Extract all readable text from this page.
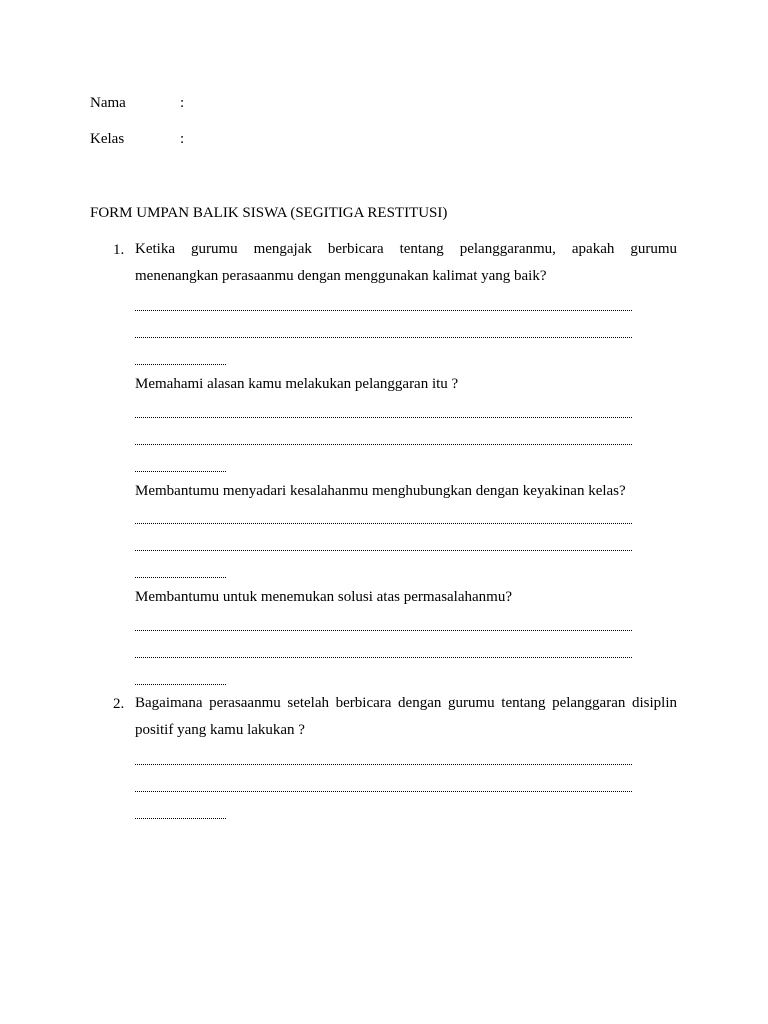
Nama	:
Kelas	:
FORM UMPAN BALIK SISWA (SEGITIGA RESTITUSI)
1. Ketika gurumu mengajak berbicara tentang pelanggaranmu, apakah gurumu menenangkan perasaanmu dengan menggunakan kalimat yang baik?
Memahami alasan kamu melakukan pelanggaran itu ?
Membantumu menyadari kesalahanmu menghubungkan dengan keyakinan kelas?
Membantumu untuk menemukan solusi atas permasalahanmu?
2. Bagaimana perasaanmu setelah berbicara dengan gurumu tentang pelanggaran disiplin positif yang kamu lakukan ?
